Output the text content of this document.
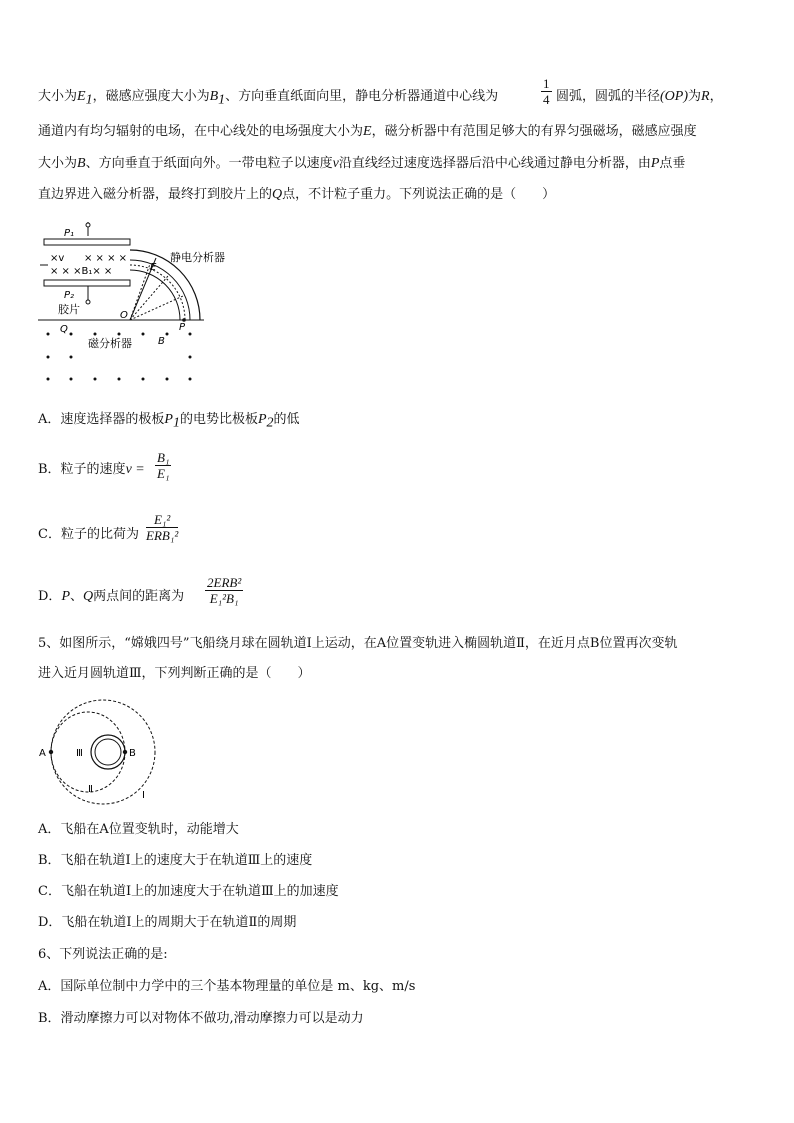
大小为$E_1$，磁感应强度大小为$B_1$、方向垂直纸面向里，静电分析器通道中心线为	$\frac{1}{4}$ 圆弧，圆弧的半径(OP)为R，
通道内有均匀辐射的电场，在中心线处的电场强度大小为E，磁分析器中有范围足够大的有界匀强磁场，磁感应强度
大小为B、方向垂直于纸面向外。一带电粒子以速度v沿直线经过速度选择器后沿中心线通过静电分析器，由P点垂
直边界进入磁分析器，最终打到胶片上的Q点，不计粒子重力。下列说法正确的是（　　）
P₁
×v × × × ×
× × ×B₁× ×
P₂
胶片
E
静电分析器
O
P
Q
磁分析器	B
A．速度选择器的极板$P_1$的电势比极板$P_2$的低
B．粒子的速度$v = \frac{\text{B₁}}{\text{E₁}}$
C．粒子的比荷为
E₁²
ERB₁²
D．P、Q两点间的距离为
2ERB²
E₁²B₁
5、如图所示，“嫦娥四号”飞船绕月球在圆轨道Ⅰ上运动，在A位置变轨进入椭圆轨道Ⅱ，在近月点B位置再次变轨
进入近月圆轨道Ⅲ，下列判断正确的是（　　）
A	B
Ⅲ
Ⅱ
Ⅰ
A．飞船在A位置变轨时，动能增大
B．飞船在轨道Ⅰ上的速度大于在轨道Ⅲ上的速度
C．飞船在轨道Ⅰ上的加速度大于在轨道Ⅲ上的加速度
D．飞船在轨道Ⅰ上的周期大于在轨道Ⅱ的周期
6、下列说法正确的是:
A．国际单位制中力学中的三个基本物理量的单位是 m、kg、m/s
B．滑动摩擦力可以对物体不做功,滑动摩擦力可以是动力
